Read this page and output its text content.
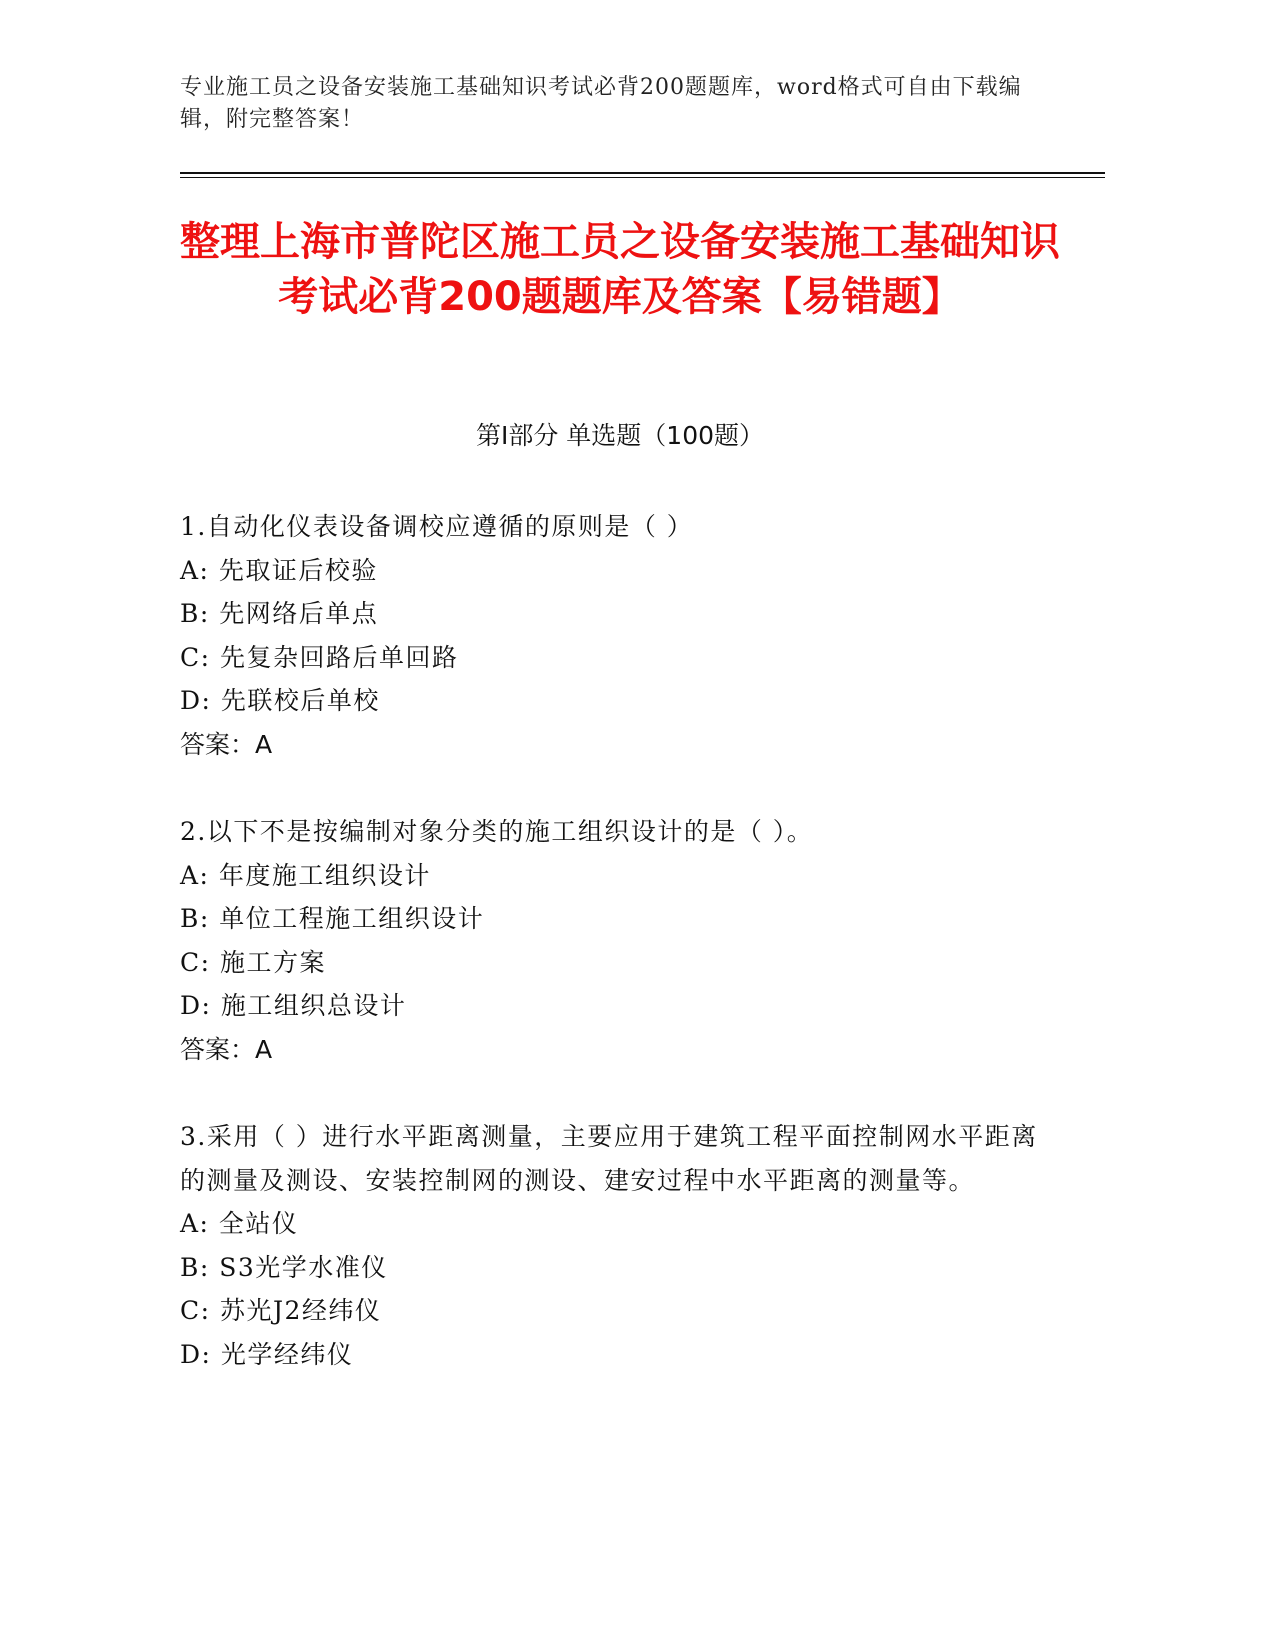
专业施工员之设备安装施工基础知识考试必背200题题库，word格式可自由下载编辑，附完整答案！
整理上海市普陀区施工员之设备安装施工基础知识考试必背200题题库及答案【易错题】
第I部分 单选题（100题）

1.自动化仪表设备调校应遵循的原则是（ ）

A: 先取证后校验

B: 先网络后单点

C: 先复杂回路后单回路

D: 先联校后单校

答案：A

2.以下不是按编制对象分类的施工组织设计的是（ ）。

A: 年度施工组织设计

B: 单位工程施工组织设计

C: 施工方案

D: 施工组织总设计

答案：A

3.采用（ ）进行水平距离测量，主要应用于建筑工程平面控制网水平距离的测量及测设、安装控制网的测设、建安过程中水平距离的测量等。

A: 全站仪

B: S3光学水准仪

C: 苏光J2经纬仪

D: 光学经纬仪
